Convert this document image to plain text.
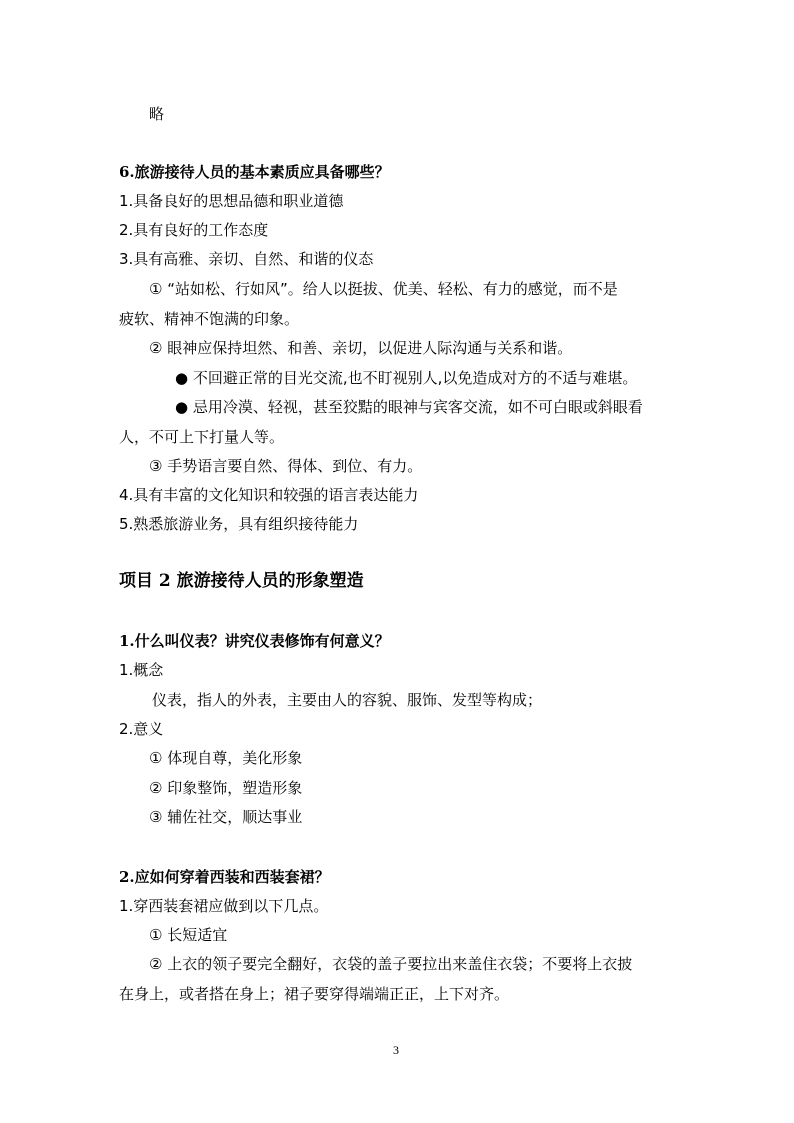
略
6.旅游接待人员的基本素质应具备哪些？
1.具备良好的思想品德和职业道德
2.具有良好的工作态度
3.具有高雅、亲切、自然、和谐的仪态
① “站如松、行如风”。给人以挺拔、优美、轻松、有力的感觉，而不是
疲软、精神不饱满的印象。
② 眼神应保持坦然、和善、亲切，以促进人际沟通与关系和谐。
● 不回避正常的目光交流,也不盯视别人,以免造成对方的不适与难堪。
● 忌用冷漠、轻视，甚至狡黠的眼神与宾客交流，如不可白眼或斜眼看
人，不可上下打量人等。
③ 手势语言要自然、得体、到位、有力。
4.具有丰富的文化知识和较强的语言表达能力
5.熟悉旅游业务，具有组织接待能力
项目 2 旅游接待人员的形象塑造
1.什么叫仪表？讲究仪表修饰有何意义？
1.概念
仪表，指人的外表，主要由人的容貌、服饰、发型等构成；
2.意义
① 体现自尊，美化形象
② 印象整饰，塑造形象
③ 辅佐社交，顺达事业
2.应如何穿着西装和西装套裙？
1.穿西装套裙应做到以下几点。
① 长短适宜
② 上衣的领子要完全翻好，衣袋的盖子要拉出来盖住衣袋；不要将上衣披
在身上，或者搭在身上；裙子要穿得端端正正，上下对齐。
3
